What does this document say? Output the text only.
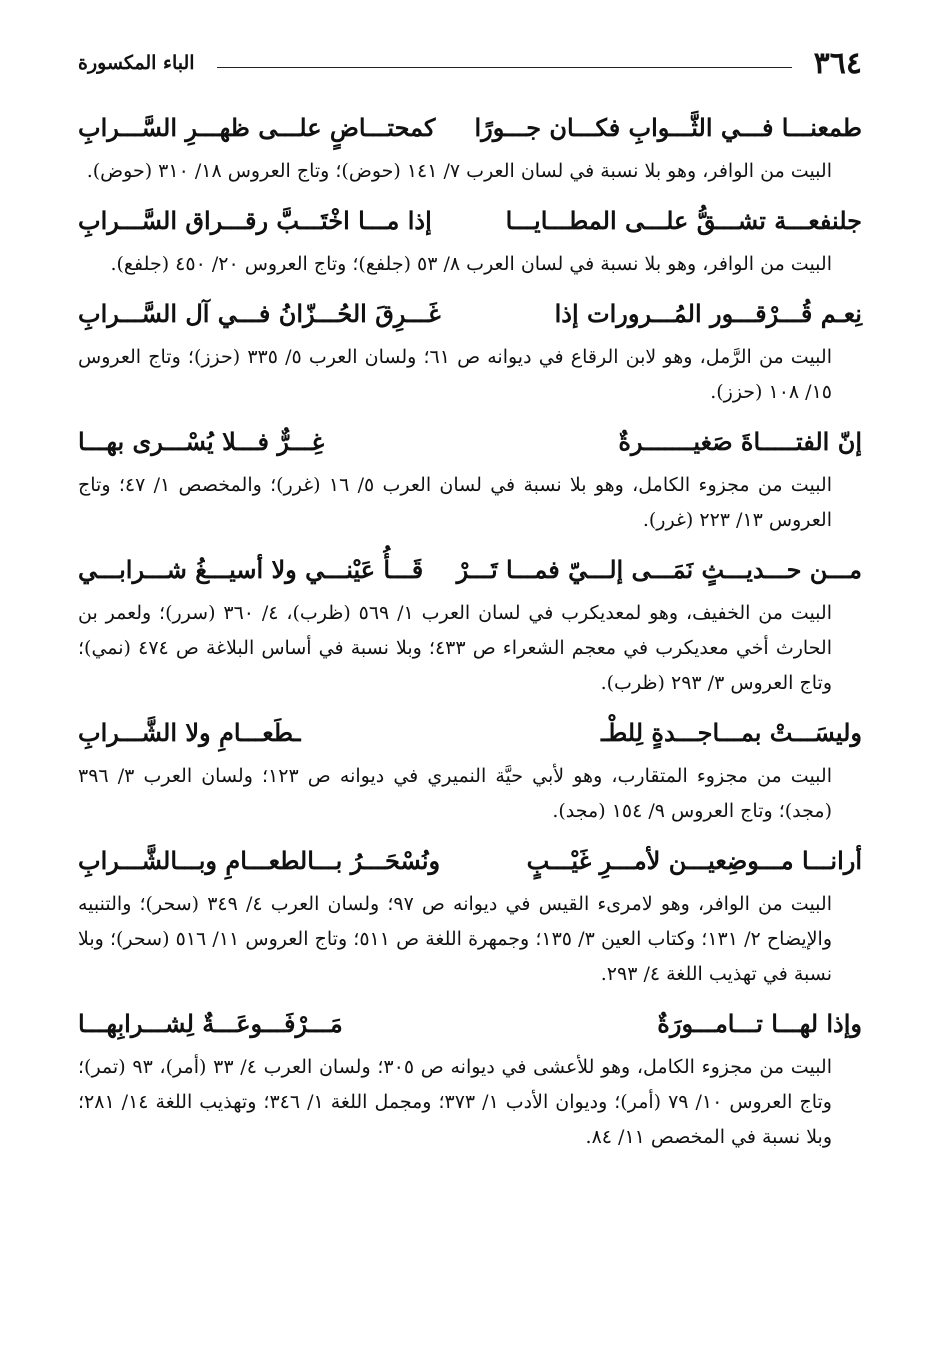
٣٦٤
الباء المكسورة
طمعنـــا فـــي الثَّـــوابِ فكـــان جـــورًا
كمحتـــاضٍ علـــى ظهـــرِ السَّـــرابِ
البيت من الوافر، وهو بلا نسبة في لسان العرب ٧/ ١٤١ (حوض)؛ وتاج العروس ١٨/ ٣١٠ (حوض).
جلنفعـــة تشـــقُّ علـــى المطـــايـــا
إذا مـــا اخْتَـــبَّ رقـــراق السَّـــرابِ
البيت من الوافر، وهو بلا نسبة في لسان العرب ٨/ ٥٣ (جلفع)؛ وتاج العروس ٢٠/ ٤٥٠ (جلفع).
نِعـم قُـــرْقـــور المُـــرورات إذا
غَـــرِقَ الحُـــزّانُ فـــي آل السَّـــرابِ
البيت من الرَّمل، وهو لابن الرقاع في ديوانه ص ٦١؛ ولسان العرب ٥/ ٣٣٥ (حزز)؛ وتاج العروس ١٥/ ١٠٨ (حزز).
إنّ الفتـــــاةَ صَغيـــــــرةٌ
غِـــرٌّ فـــلا يُسْـــرى بهـــا
البيت من مجزوء الكامل، وهو بلا نسبة في لسان العرب ٥/ ١٦ (غرر)؛ والمخصص ١/ ٤٧؛ وتاج العروس ١٣/ ٢٢٣ (غرر).
مـــن حـــديـــثٍ نَمَـــى إلـــيّ فمـــا تَـــرْ
قَـــأُ عَيْنـــي ولا أسيـــغُ شـــرابـــي
البيت من الخفيف، وهو لمعديكرب في لسان العرب ١/ ٥٦٩ (ظرب)، ٤/ ٣٦٠ (سرر)؛ ولعمر بن الحارث أخي معديكرب في معجم الشعراء ص ٤٣٣؛ وبلا نسبة في أساس البلاغة ص ٤٧٤ (نمي)؛ وتاج العروس ٣/ ٢٩٣ (ظرب).
وليسَـــتْ بمـــاجـــدةٍ لِلطْـ
ـطَعـــامِ ولا الشَّـــرابِ
البيت من مجزوء المتقارب، وهو لأبي حيَّة النميري في ديوانه ص ١٢٣؛ ولسان العرب ٣/ ٣٩٦ (مجد)؛ وتاج العروس ٩/ ١٥٤ (مجد).
أرانـــا مـــوضِعيـــن لأمـــرِ غَيْـــبٍ
ونُسْحَـــرُ بـــالطعـــامِ وبـــالشَّـــرابِ
البيت من الوافر، وهو لامرىء القيس في ديوانه ص ٩٧؛ ولسان العرب ٤/ ٣٤٩ (سحر)؛ والتنبيه والإيضاح ٢/ ١٣١؛ وكتاب العين ٣/ ١٣٥؛ وجمهرة اللغة ص ٥١١؛ وتاج العروس ١١/ ٥١٦ (سحر)؛ وبلا نسبة في تهذيب اللغة ٤/ ٢٩٣.
وإذا لهـــا تـــامـــورَةٌ
مَـــرْفَـــوعَـــةٌ لِشـــرابِهـــا
البيت من مجزوء الكامل، وهو للأعشى في ديوانه ص ٣٠٥؛ ولسان العرب ٤/ ٣٣ (أمر)، ٩٣ (تمر)؛ وتاج العروس ١٠/ ٧٩ (أمر)؛ وديوان الأدب ١/ ٣٧٣؛ ومجمل اللغة ١/ ٣٤٦؛ وتهذيب اللغة ١٤/ ٢٨١؛ وبلا نسبة في المخصص ١١/ ٨٤.
